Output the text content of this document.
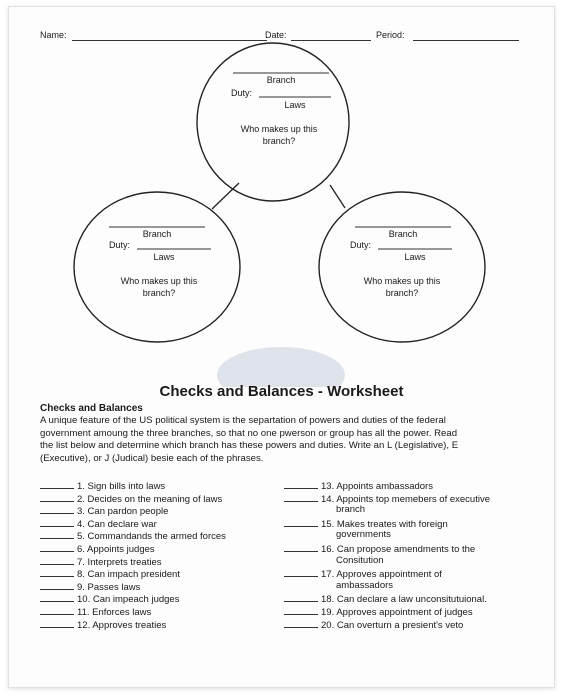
Name:	Date:	Period:
Branch
Duty:
Laws
Who makes up this
branch?
Branch
Duty:
Laws
Who makes up this
branch?
Branch
Duty:
Laws
Who makes up this
branch?
Checks and Balances - Worksheet
Checks and Balances
A unique feature of the US political system is the separtation of powers and duties of the federal
government amoung the three branches, so that no one pwerson or group has all the power. Read
the list below and determine which branch has these powers and duties. Write an L (Legislative), E
(Executive), or J (Judical) besie each of the phrases.
1. Sign bills into laws
2. Decides on the meaning of laws
3. Can pardon people
4. Can declare war
5. Commandands the armed forces
6. Appoints judges
7. Interprets treaties
8. Can impach president
9. Passes laws
10. Can impeach judges
11. Enforces laws
12. Approves treaties
13. Appoints ambassadors
14. Appoints top memebers of executive
branch
15. Makes treates with foreign
governments
16. Can propose amendments to the
Consitution
17. Approves appointment of
ambassadors
18. Can declare a law unconsitutuional.
19. Approves appointment of judges
20. Can overturn a presient's veto
